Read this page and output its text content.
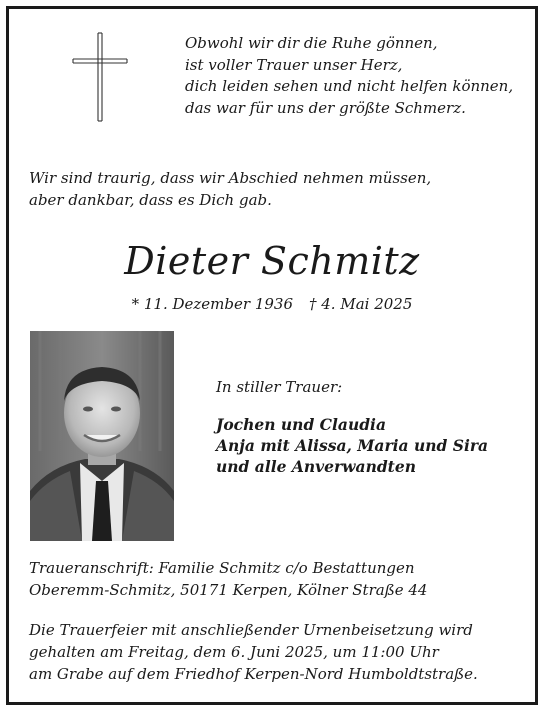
Obwohl wir dir die Ruhe gönnen,
ist voller Trauer unser Herz,
dich leiden sehen und nicht helfen können,
das war für uns der größte Schmerz.
Wir sind traurig, dass wir Abschied nehmen müssen,
aber dankbar, dass es Dich gab.
Dieter Schmitz
* 11. Dezember 1936 † 4. Mai 2025
In stiller Trauer:
Jochen und Claudia
Anja mit Alissa, Maria und Sira
und alle Anverwandten
Traueranschrift: Familie Schmitz c/o Bestattungen
Oberemm-Schmitz, 50171 Kerpen, Kölner Straße 44
Die Trauerfeier mit anschließender Urnenbeisetzung wird
gehalten am Freitag, dem 6. Juni 2025, um 11:00 Uhr
am Grabe auf dem Friedhof Kerpen-Nord Humboldtstraße.
